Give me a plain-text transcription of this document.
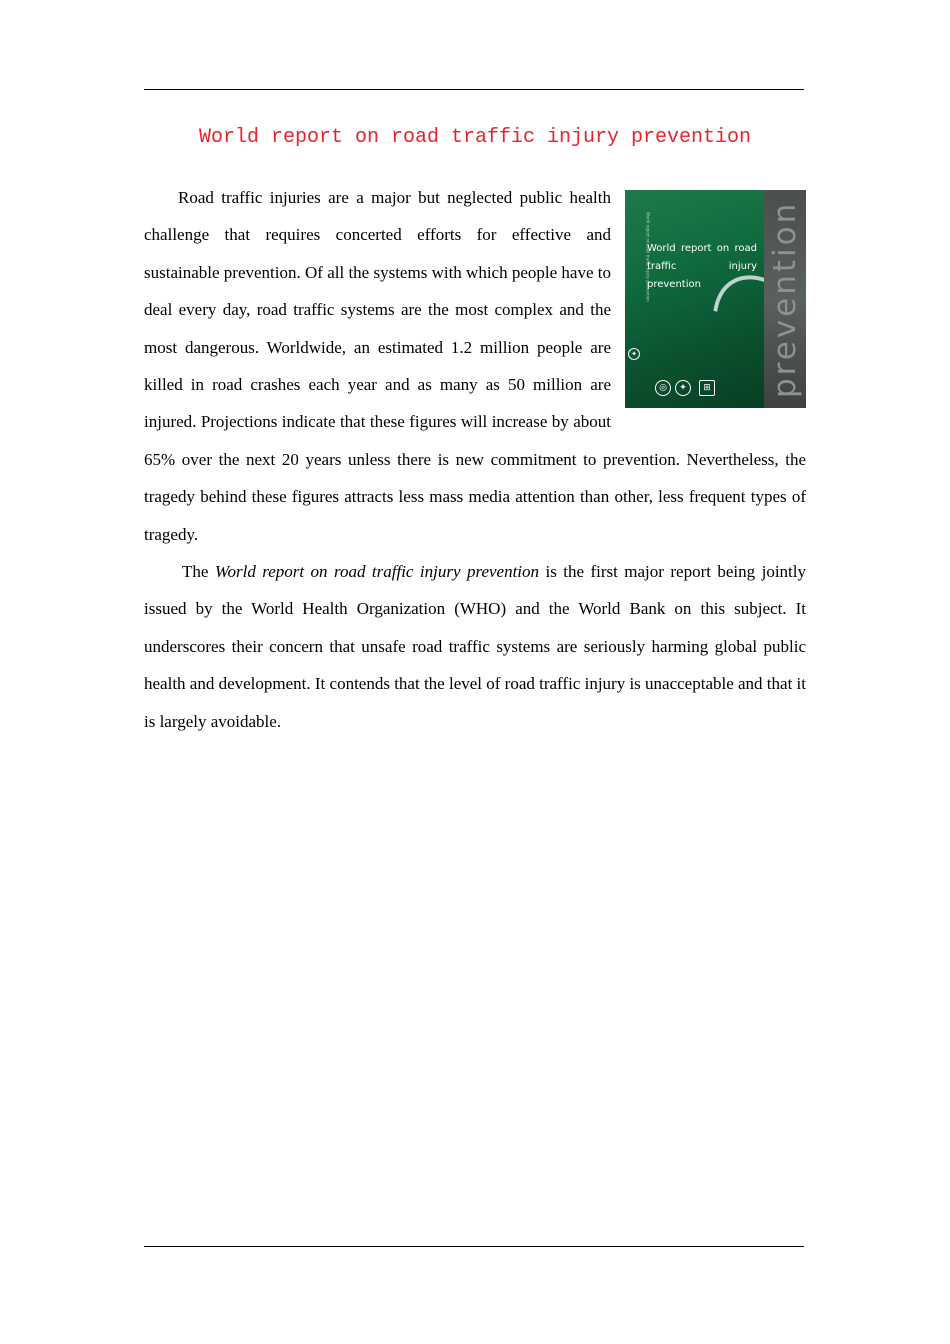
World report on road traffic injury prevention
World report on road traffic injury prevention
World report on road traffic injury prevention	prevention
✦
◎	✦	⊞

Road traffic injuries are a major but neglected public health challenge that requires concerted efforts for effective and sustainable prevention. Of all the systems with which people have to deal every day, road traffic systems are the most complex and the most dangerous. Worldwide, an estimated 1.2 million people are killed in road crashes each year and as many as 50 million are injured. Projections indicate that these figures will increase by about 65% over the next 20 years unless there is new commitment to prevention. Nevertheless, the tragedy behind these figures attracts less mass media attention than other, less frequent types of tragedy.

The World report on road traffic injury prevention is the first major report being jointly issued by the World Health Organization (WHO) and the World Bank on this subject. It underscores their concern that unsafe road traffic systems are seriously harming global public health and development. It contends that the level of road traffic injury is unacceptable and that it is largely avoidable.
